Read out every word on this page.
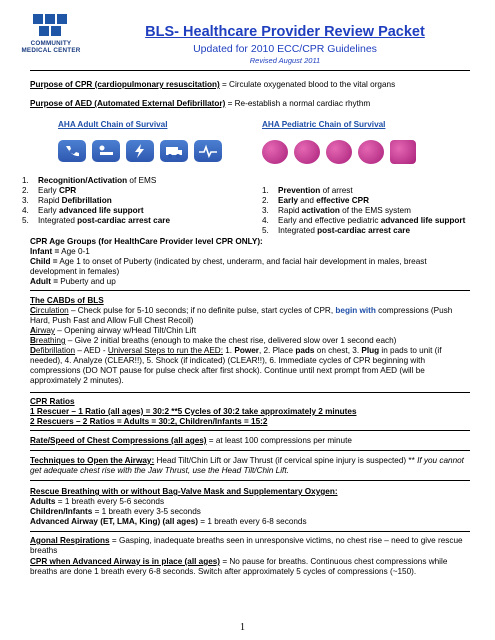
COMMUNITY MEDICAL CENTER
BLS- Healthcare Provider Review Packet
Updated for 2010 ECC/CPR Guidelines
Revised August 2011
Purpose of CPR (cardiopulmonary resuscitation) = Circulate oxygenated blood to the vital organs
Purpose of AED (Automated External Defibrillator) = Re-establish a normal cardiac rhythm
AHA Adult Chain of Survival	AHA Pediatric Chain of Survival
1. Recognition/Activation of EMS
2. Early CPR
3. Rapid Defibrillation
4. Early advanced life support
5. Integrated post-cardiac arrest care
1. Prevention of arrest
2. Early and effective CPR
3. Rapid activation of the EMS system
4. Early and effective pediatric advanced life support
5. Integrated post-cardiac arrest care
CPR Age Groups (for HealthCare Provider level CPR ONLY):
Infant = Age 0-1
Child = Age 1 to onset of Puberty (indicated by chest, underarm, and facial hair development in males, breast development in females)
Adult = Puberty and up
The CABDs of BLS
Circulation – Check pulse for 5-10 seconds; if no definite pulse, start cycles of CPR, begin with compressions (Push Hard, Push Fast and Allow Full Chest Recoil)
Airway – Opening airway w/Head Tilt/Chin Lift
Breathing – Give 2 initial breaths (enough to make the chest rise, delivered slow over 1 second each)
Defibrillation – AED - Universal Steps to run the AED: 1. Power, 2. Place pads on chest, 3. Plug in pads to unit (if needed), 4. Analyze (CLEAR!!), 5. Shock (if indicated) (CLEAR!!), 6. Immediate cycles of CPR beginning with compressions (DO NOT pause for pulse check after first shock). Continue until next prompt from AED (will be approximately 2 minutes).
CPR Ratios
1 Rescuer – 1 Ratio (all ages) = 30:2 **5 Cycles of 30:2 take approximately 2 minutes
2 Rescuers – 2 Ratios = Adults = 30:2, Children/Infants = 15:2
Rate/Speed of Chest Compressions (all ages) = at least 100 compressions per minute
Techniques to Open the Airway: Head Tilt/Chin Lift or Jaw Thrust (if cervical spine injury is suspected) ** If you cannot get adequate chest rise with the Jaw Thrust, use the Head Tilt/Chin Lift.
Rescue Breathing with or without Bag-Valve Mask and Supplementary Oxygen:
Adults = 1 breath every 5-6 seconds
Children/Infants = 1 breath every 3-5 seconds
Advanced Airway (ET, LMA, King) (all ages) = 1 breath every 6-8 seconds
Agonal Respirations = Gasping, inadequate breaths seen in unresponsive victims, no chest rise – need to give rescue breaths
CPR when Advanced Airway is in place (all ages) = No pause for breaths. Continuous chest compressions while breaths are done 1 breath every 6-8 seconds. Switch after approximately 5 cycles of compressions (~150).
1
